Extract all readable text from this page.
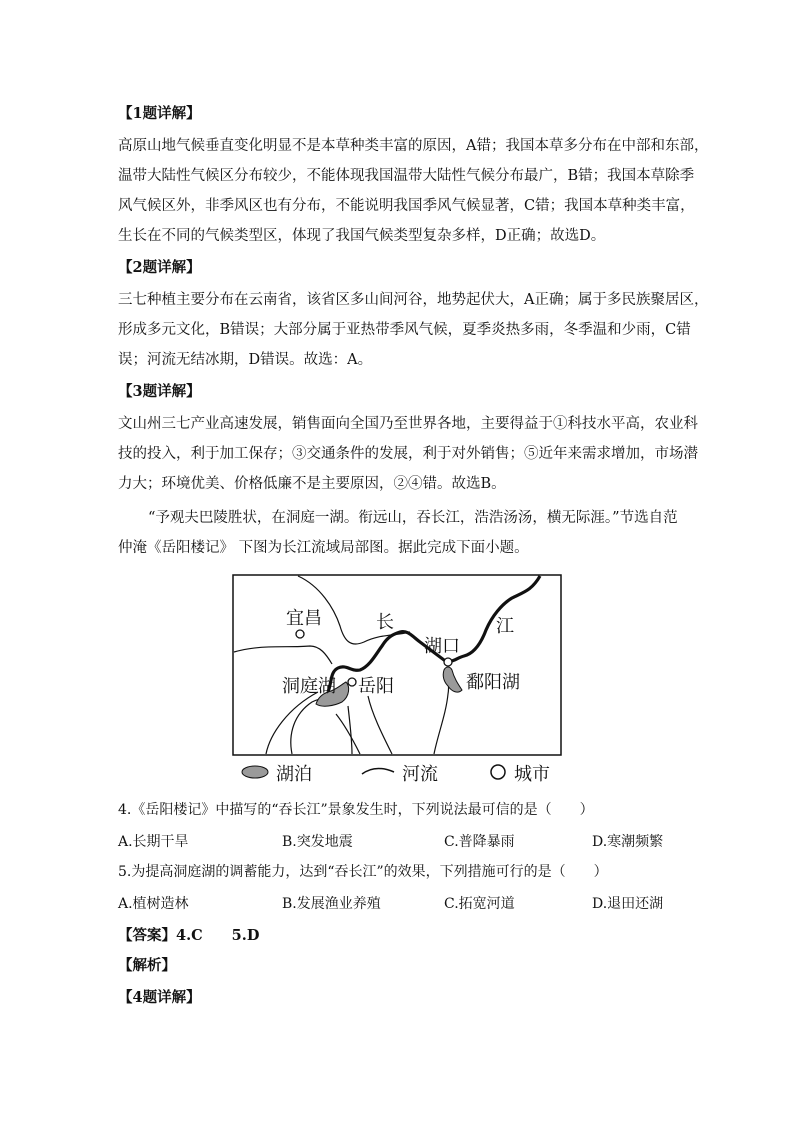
【1题详解】
高原山地气候垂直变化明显不是本草种类丰富的原因，A错；我国本草多分布在中部和东部，
温带大陆性气候区分布较少，不能体现我国温带大陆性气候分布最广，B错；我国本草除季
风气候区外，非季风区也有分布，不能说明我国季风气候显著，C错；我国本草种类丰富，
生长在不同的气候类型区，体现了我国气候类型复杂多样，D正确；故选D。
【2题详解】
三七种植主要分布在云南省，该省区多山间河谷，地势起伏大，A正确；属于多民族聚居区，
形成多元文化，B错误；大部分属于亚热带季风气候，夏季炎热多雨，冬季温和少雨，C错
误；河流无结冰期，D错误。故选：A。
【3题详解】
文山州三七产业高速发展，销售面向全国乃至世界各地，主要得益于①科技水平高，农业科
技的投入，利于加工保存；③交通条件的发展，利于对外销售；⑤近年来需求增加，市场潜
力大；环境优美、价格低廉不是主要原因，②④错。故选B。
“予观夫巴陵胜状，在洞庭一湖。衔远山，吞长江，浩浩汤汤，横无际涯。”节选自范
仲淹《岳阳楼记》 下图为长江流域局部图。据此完成下面小题。
宜昌	长	江
湖口
洞庭湖 岳阳	鄱阳湖
湖泊	河流	城市
4.《岳阳楼记》中描写的“吞长江”景象发生时，下列说法最可信的是（　　）
A.长期干旱	B.突发地震	C.普降暴雨	D.寒潮频繁
5.为提高洞庭湖的调蓄能力，达到“吞长江”的效果，下列措施可行的是（　　）
A.植树造林	B.发展渔业养殖	C.拓宽河道	D.退田还湖
【答案】4.C　　5.D
【解析】
【4题详解】
